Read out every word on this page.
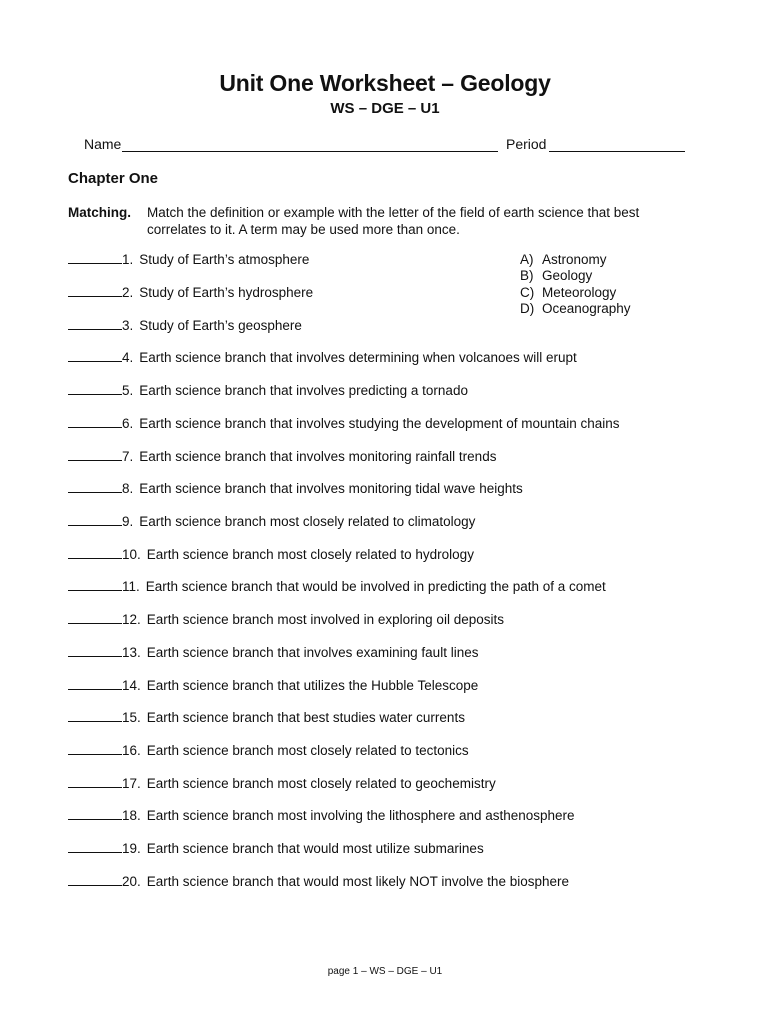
Unit One Worksheet – Geology
WS – DGE – U1
Name	Period
Chapter One
Matching. Match the definition or example with the letter of the field of earth science that best
correlates to it. A term may be used more than once.
A) Astronomy
B) Geology
C) Meteorology
D) Oceanography
1. Study of Earth’s atmosphere
2. Study of Earth’s hydrosphere
3. Study of Earth’s geosphere
4. Earth science branch that involves determining when volcanoes will erupt
5. Earth science branch that involves predicting a tornado
6. Earth science branch that involves studying the development of mountain chains
7. Earth science branch that involves monitoring rainfall trends
8. Earth science branch that involves monitoring tidal wave heights
9. Earth science branch most closely related to climatology
10. Earth science branch most closely related to hydrology
11. Earth science branch that would be involved in predicting the path of a comet
12. Earth science branch most involved in exploring oil deposits
13. Earth science branch that involves examining fault lines
14. Earth science branch that utilizes the Hubble Telescope
15. Earth science branch that best studies water currents
16. Earth science branch most closely related to tectonics
17. Earth science branch most closely related to geochemistry
18. Earth science branch most involving the lithosphere and asthenosphere
19. Earth science branch that would most utilize submarines
20. Earth science branch that would most likely NOT involve the biosphere
page 1 – WS – DGE – U1
